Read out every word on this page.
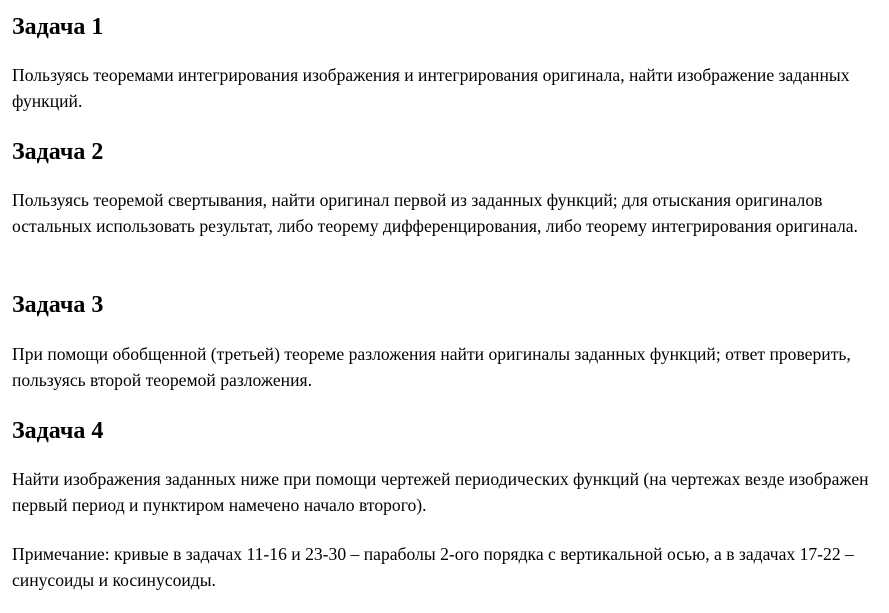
Задача 1

Пользуясь теоремами интегрирования изображения и интегрирования оригинала, найти изображение заданных функций.

Задача 2

Пользуясь теоремой свертывания, найти оригинал первой из заданных функций; для отыскания оригиналов остальных использовать результат, либо теорему дифференцирования, либо теорему интегрирования оригинала.

Задача 3

При помощи обобщенной (третьей) теореме разложения найти оригиналы заданных функций; ответ проверить, пользуясь второй теоремой разложения.

Задача 4

Найти изображения заданных ниже при помощи чертежей периодических функций (на чертежах везде изображен первый период и пунктиром намечено начало второго).

Примечание: кривые в задачах 11-16 и 23-30 – параболы 2-ого порядка с вертикальной осью, а в задачах 17-22 – синусоиды и косинусоиды.
